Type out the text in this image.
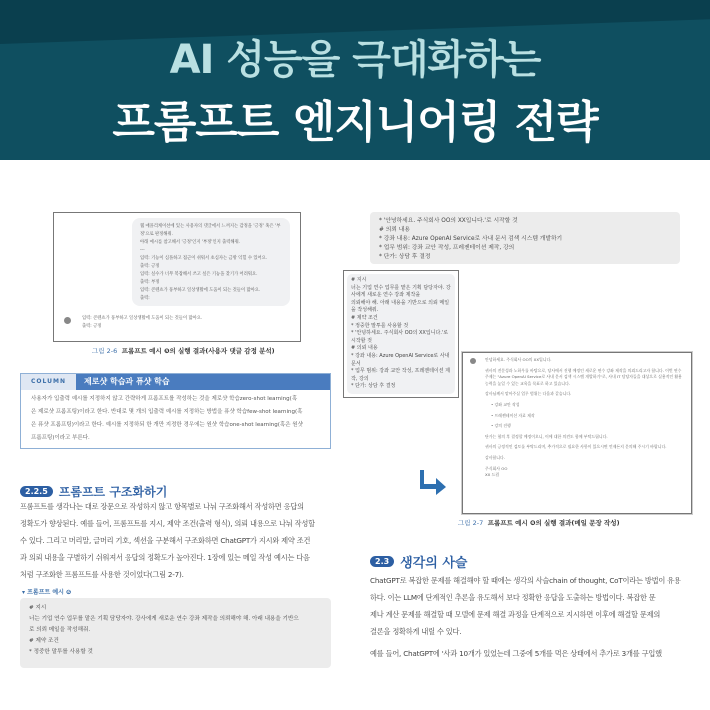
AI 성능을 극대화하는
프롬프트 엔지니어링 전략
웹 애플리케이션에 있는 사용자의 댓글에서 느껴지는 감정을 '긍정' 혹은 '부정'으로 판정해줘.
아래 예시를 참고해서 '긍정'인지 '부정'인지 출력해줘.
---
입력: 기능이 심플하고 접근이 쉬워서 초심자는 금방 익힐 수 있어요.
출력: 긍정
입력: 실수가 너무 복잡해서 쓰고 싶은 기능을 찾기가 어려워요.
출력: 부정
입력: 콘텐츠가 풍부하고 일상생활에 도움이 되는 것들이 많아요.
출력:
입력: 콘텐츠가 풍부하고 일상생활에 도움이 되는 것들이 많아요.
출력: 긍정
그림 2-6 프롬프트 예시 ❺의 실행 결과(사용자 댓글 감정 분석)
COLUMN	제로샷 학습과 퓨샷 학습
사용자가 입출력 예시를 지정하지 않고 간략하게 프롬프트를 작성하는 것을 제로샷 학습zero-shot learning(혹
은 제로샷 프롬프팅)이라고 한다. 반대로 몇 개의 입출력 예시를 지정하는 방법을 퓨샷 학습few-shot learning(혹
은 퓨샷 프롬프팅)이라고 한다. 예시를 지정하되 한 개만 지정한 경우에는 원샷 학습one-shot learning(혹은 원샷
프롬프팅)이라고 부른다.
2.2.5 프롬프트 구조화하기
프롬프트를 생각나는 대로 장문으로 작성하지 않고 항목별로 나눠 구조화해서 작성하면 응답의
정확도가 향상된다. 예를 들어, 프롬프트를 지시, 제약 조건(출력 형식), 의뢰 내용으로 나눠 작성할
수 있다. 그리고 머리말, 글머리 기호, 섹션을 구분해서 구조화하면 ChatGPT가 지시와 제약 조건
과 의뢰 내용을 구별하기 쉬워져서 응답의 정확도가 높아진다. 1장에 있는 메일 작성 예시는 다음
처럼 구조화한 프롬프트를 사용한 것이었다(그림 2-7).
▾ 프롬프트 예시 ❻
# 지시
너는 기업 연수 업무를 맡은 기획 담당자야. 강사에게 새로운 연수 강좌 제작을 의뢰해야 해. 아래 내용을 기반으
로 의뢰 메일을 작성해줘.
# 제약 조건
* 정중한 말투를 사용할 것
* '안녕하세요. 주식회사 OO의 XX입니다.'로 시작할 것
# 의뢰 내용
* 강좌 내용: Azure OpenAI Service로 사내 문서 검색 시스템 개발하기
* 업무 범위: 강좌 교안 작성, 프레젠테이션 제작, 강의
* 단가: 상담 후 결정
# 지시
너는 기업 연수 업무를 맡은 기획 담당자야. 강사에게 새로운 연수 강좌 제작을
의뢰해야 해. 아래 내용을 기반으로 의뢰 메일을 작성해줘.
# 제약 조건
* 정중한 말투를 사용할 것
* '안녕하세요. 주식회사 OO의 XX입니다.'로 시작할 것
# 의뢰 내용
* 강좌 내용: Azure OpenAI Service로 사내 문서
* 업무 범위: 강좌 교안 작성, 프레젠테이션 제작, 강의
* 단가: 상담 후 결정
안녕하세요. 주식회사 OO의 XX입니다.
귀사의 전문성과 노하우를 바탕으로, 당사에서 진행 예정인 새로운 연수 강좌 제작을 의뢰드리고자 합니다. 이번 연수 주제는 "Azure OpenAI Service로 사내 문서 검색 시스템 개발하기"로, 사내 IT 담당자들을 대상으로 실용적인 활용 능력을 높일 수 있는 교육을 목표로 하고 있습니다.
강사님께서 맡아주실 업무 범위는 다음과 같습니다.
• 강좌 교안 작성
• 프레젠테이션 자료 제작
• 강의 진행
단가는 협의 후 결정할 예정이오니, 이에 대한 의견도 함께 부탁드립니다.
귀사의 긍정적인 검토를 부탁드리며, 추가적으로 필요한 사항이 있으시면 언제든지 문의해 주시기 바랍니다.
감사합니다.
주식회사 OO
XX 드림
그림 2-7 프롬프트 예시 ❻의 실행 결과(메일 문장 작성)
2.3 생각의 사슬
ChatGPT로 복잡한 문제를 해결해야 할 때에는 생각의 사슬chain of thought, CoT이라는 방법이 유용
하다. 이는 LLM에 단계적인 추론을 유도해서 보다 정확한 응답을 도출하는 방법이다. 복잡한 문
제나 계산 문제를 해결할 때 모델에 문제 해결 과정을 단계적으로 지시하면 이후에 해결할 문제의
결론을 정확하게 내릴 수 있다.
예를 들어, ChatGPT에 '사과 10개가 있었는데 그중에 5개를 먹은 상태에서 추가로 3개를 구입했
